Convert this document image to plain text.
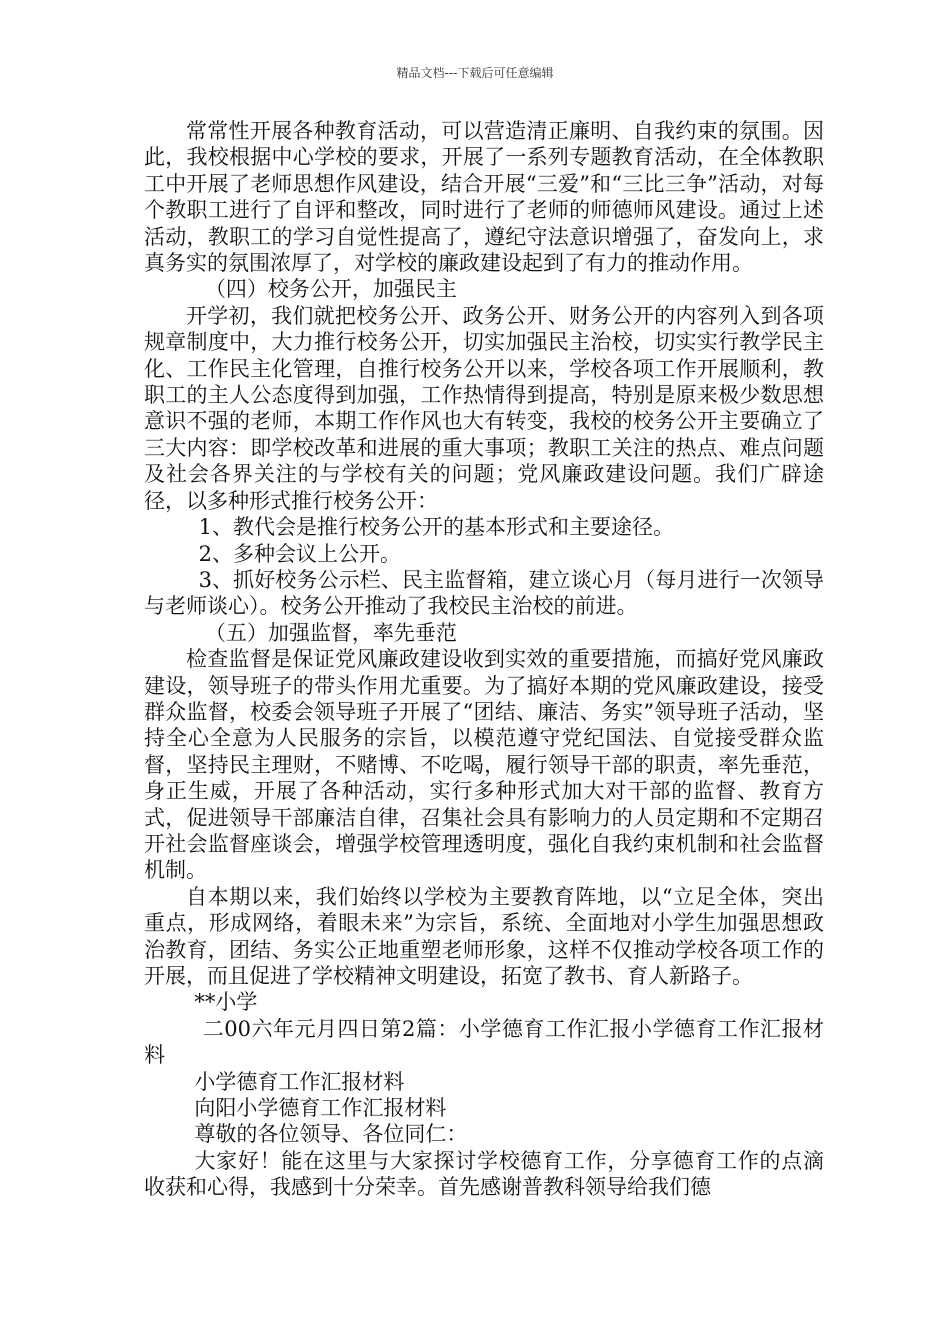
精品文档---下载后可任意编辑

常常性开展各种教育活动，可以营造清正廉明、自我约束的氛围。因此，我校根据中心学校的要求，开展了一系列专题教育活动，在全体教职工中开展了老师思想作风建设，结合开展“三爱”和“三比三争”活动，对每个教职工进行了自评和整改，同时进行了老师的师德师风建设。通过上述活动，教职工的学习自觉性提高了，遵纪守法意识增强了，奋发向上，求真务实的氛围浓厚了，对学校的廉政建设起到了有力的推动作用。

（四）校务公开，加强民主

开学初，我们就把校务公开、政务公开、财务公开的内容列入到各项规章制度中，大力推行校务公开，切实加强民主治校，切实实行教学民主化、工作民主化管理，自推行校务公开以来，学校各项工作开展顺利，教职工的主人公态度得到加强，工作热情得到提高，特别是原来极少数思想意识不强的老师，本期工作作风也大有转变，我校的校务公开主要确立了三大内容：即学校改革和进展的重大事项；教职工关注的热点、难点问题及社会各界关注的与学校有关的问题；党风廉政建设问题。我们广辟途径，以多种形式推行校务公开：

1、教代会是推行校务公开的基本形式和主要途径。

2、多种会议上公开。

3、抓好校务公示栏、民主监督箱，建立谈心月（每月进行一次领导与老师谈心）。校务公开推动了我校民主治校的前进。

（五）加强监督，率先垂范

检查监督是保证党风廉政建设收到实效的重要措施，而搞好党风廉政建设，领导班子的带头作用尤重要。为了搞好本期的党风廉政建设，接受群众监督，校委会领导班子开展了“团结、廉洁、务实”领导班子活动，坚持全心全意为人民服务的宗旨，以模范遵守党纪国法、自觉接受群众监督，坚持民主理财，不赌博、不吃喝，履行领导干部的职责，率先垂范，身正生威，开展了各种活动，实行多种形式加大对干部的监督、教育方式，促进领导干部廉洁自律，召集社会具有影响力的人员定期和不定期召开社会监督座谈会，增强学校管理透明度，强化自我约束机制和社会监督机制。

自本期以来，我们始终以学校为主要教育阵地，以“立足全体，突出重点，形成网络，着眼未来”为宗旨，系统、全面地对小学生加强思想政治教育，团结、务实公正地重塑老师形象，这样不仅推动学校各项工作的开展，而且促进了学校精神文明建设，拓宽了教书、育人新路子。

**小学

二00六年元月四日第2篇：小学德育工作汇报小学德育工作汇报材料

小学德育工作汇报材料

向阳小学德育工作汇报材料

尊敬的各位领导、各位同仁：

大家好！能在这里与大家探讨学校德育工作，分享德育工作的点滴收获和心得，我感到十分荣幸。首先感谢普教科领导给我们德
